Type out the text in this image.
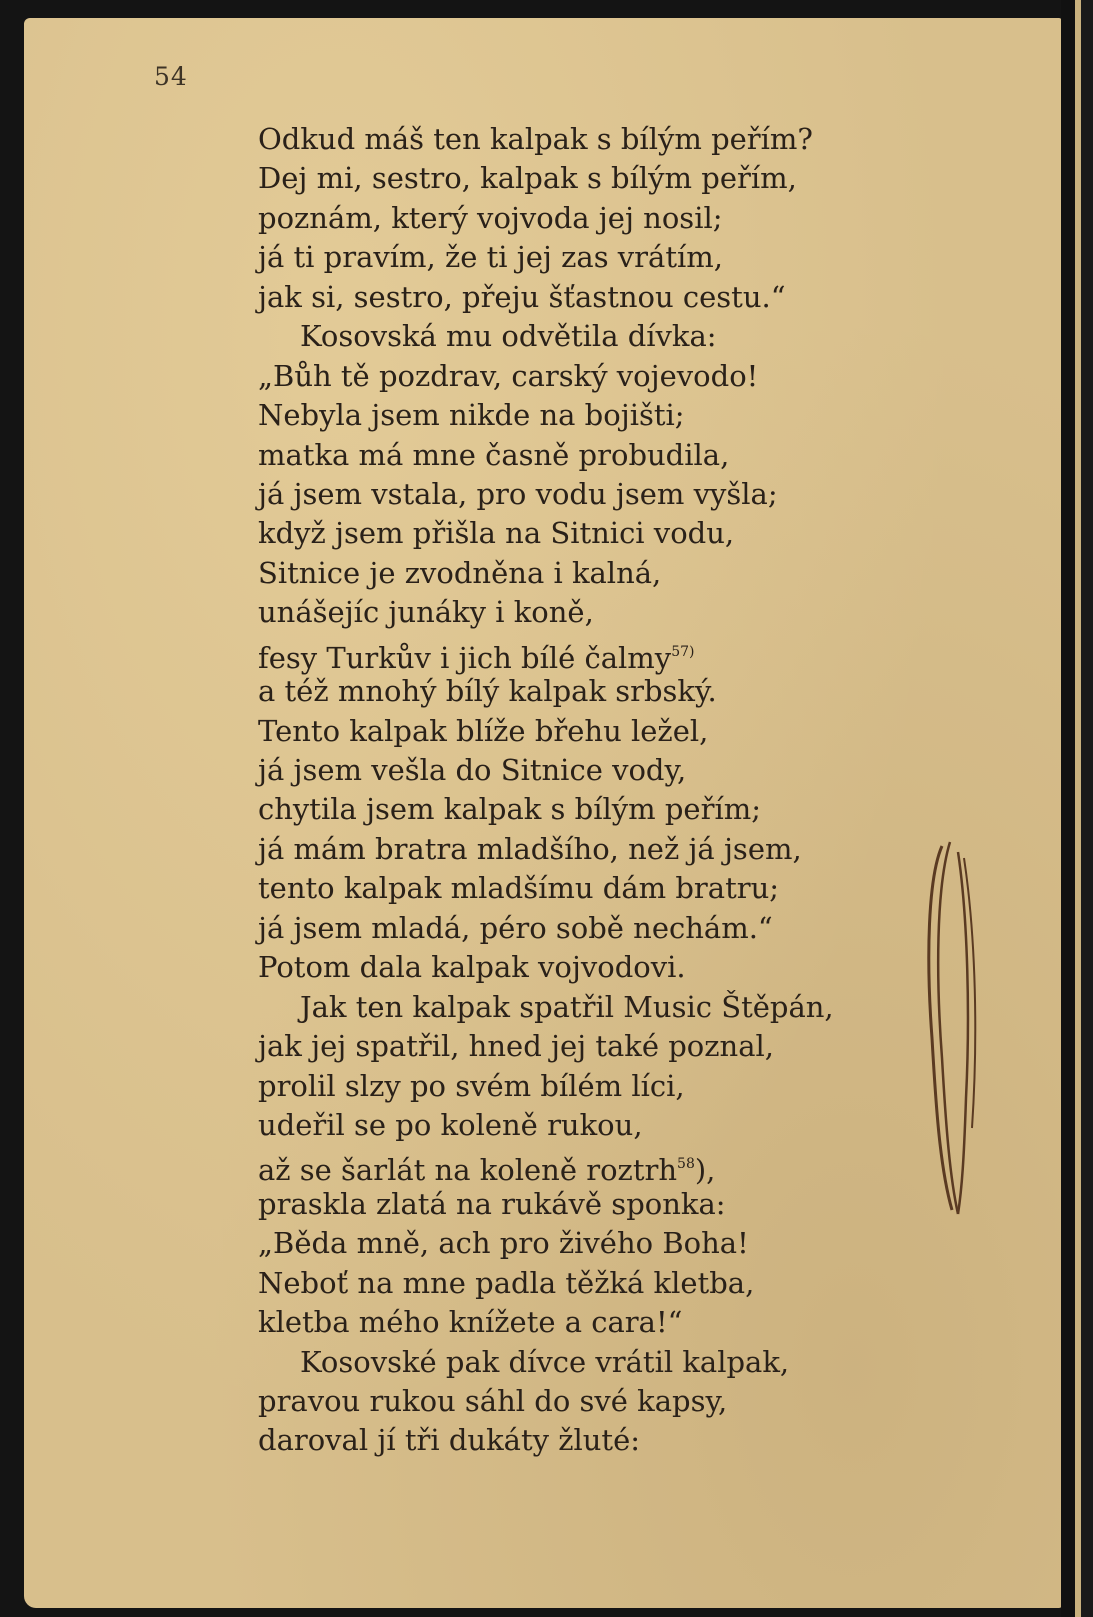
54
Odkud máš ten kalpak s bílým peřím?
Dej mi, sestro, kalpak s bílým peřím,
poznám, který vojvoda jej nosil;
já ti pravím, že ti jej zas vrátím,
jak si, sestro, přeju šťastnou cestu.“
Kosovská mu odvětila dívka:
„Bůh tě pozdrav, carský vojevodo!
Nebyla jsem nikde na bojišti;
matka má mne časně probudila,
já jsem vstala, pro vodu jsem vyšla;
když jsem přišla na Sitnici vodu,
Sitnice je zvodněna i kalná,
unášejíc junáky i koně,
fesy Turkův i jich bílé čalmy$^{57)}$
a též mnohý bílý kalpak srbský.
Tento kalpak blíže břehu ležel,
já jsem vešla do Sitnice vody,
chytila jsem kalpak s bílým peřím;
já mám bratra mladšího, než já jsem,
tento kalpak mladšímu dám bratru;
já jsem mladá, péro sobě nechám.“
Potom dala kalpak vojvodovi.
Jak ten kalpak spatřil Music Štěpán,
jak jej spatřil, hned jej také poznal,
prolil slzy po svém bílém líci,
udeřil se po koleně rukou,
až se šarlát na koleně roztrh$^{58}$),
praskla zlatá na rukávě sponka:
„Běda mně, ach pro živého Boha!
Neboť na mne padla těžká kletba,
kletba mého knížete a cara!“
Kosovské pak dívce vrátil kalpak,
pravou rukou sáhl do své kapsy,
daroval jí tři dukáty žluté:
